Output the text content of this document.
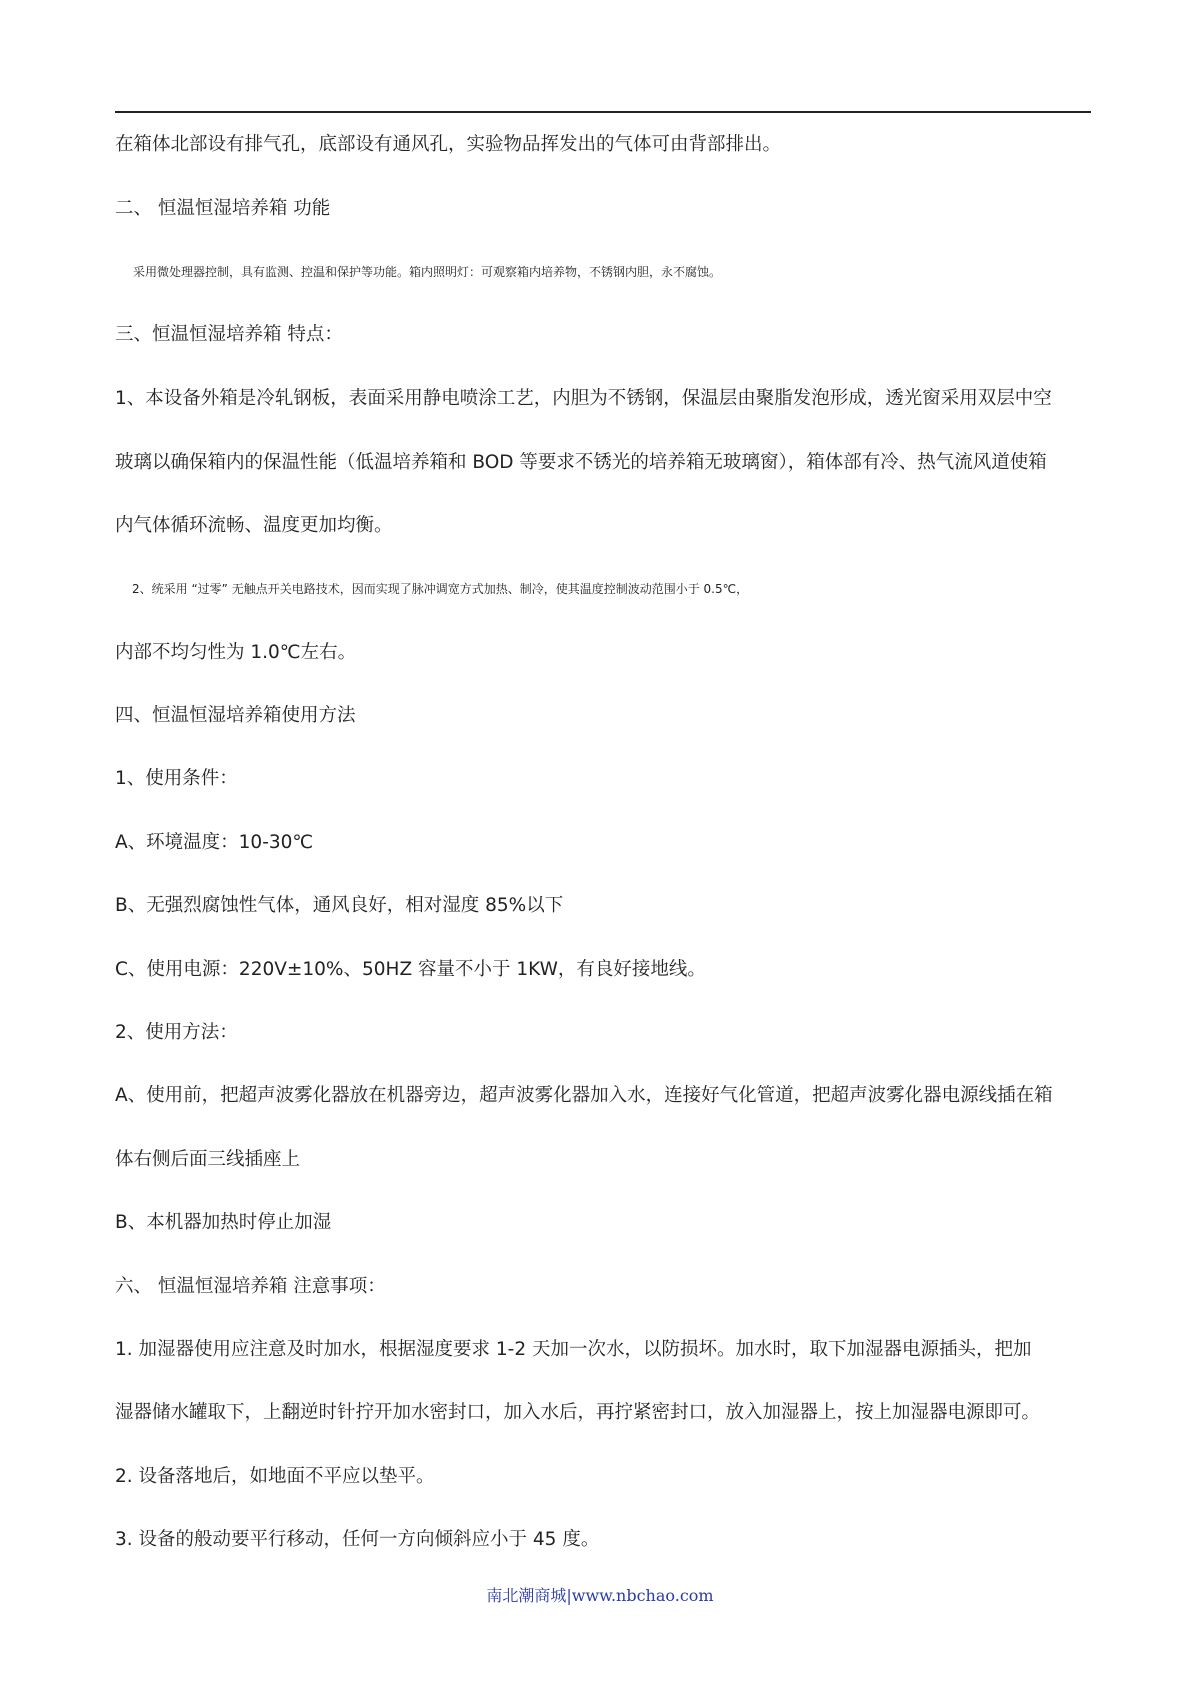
在箱体北部设有排气孔，底部设有通风孔，实验物品挥发出的气体可由背部排出。
二、 恒温恒湿培养箱 功能
采用微处理器控制，具有监测、控温和保护等功能。箱内照明灯：可观察箱内培养物，不锈钢内胆，永不腐蚀。
三、恒温恒湿培养箱 特点：
1、本设备外箱是冷轧钢板，表面采用静电喷涂工艺，内胆为不锈钢，保温层由聚脂发泡形成，透光窗采用双层中空
玻璃以确保箱内的保温性能（低温培养箱和 BOD 等要求不锈光的培养箱无玻璃窗），箱体部有冷、热气流风道使箱
内气体循环流畅、温度更加均衡。
2、统采用 “过零” 无触点开关电路技术，因而实现了脉冲调宽方式加热、制冷，使其温度控制波动范围小于 0.5℃，
内部不均匀性为 1.0℃左右。
四、恒温恒湿培养箱使用方法
1、使用条件：
A、环境温度：10-30℃
B、无强烈腐蚀性气体，通风良好，相对湿度 85%以下
C、使用电源：220V±10%、50HZ 容量不小于 1KW，有良好接地线。
2、使用方法：
A、使用前，把超声波雾化器放在机器旁边，超声波雾化器加入水，连接好气化管道，把超声波雾化器电源线插在箱
体右侧后面三线插座上
B、本机器加热时停止加湿
六、 恒温恒湿培养箱 注意事项：
1. 加湿器使用应注意及时加水，根据湿度要求 1-2 天加一次水，以防损坏。加水时，取下加湿器电源插头，把加
湿器储水罐取下，上翻逆时针拧开加水密封口，加入水后，再拧紧密封口，放入加湿器上，按上加湿器电源即可。
2. 设备落地后，如地面不平应以垫平。
3. 设备的般动要平行移动，任何一方向倾斜应小于 45 度。
南北潮商城|www.nbchao.com
